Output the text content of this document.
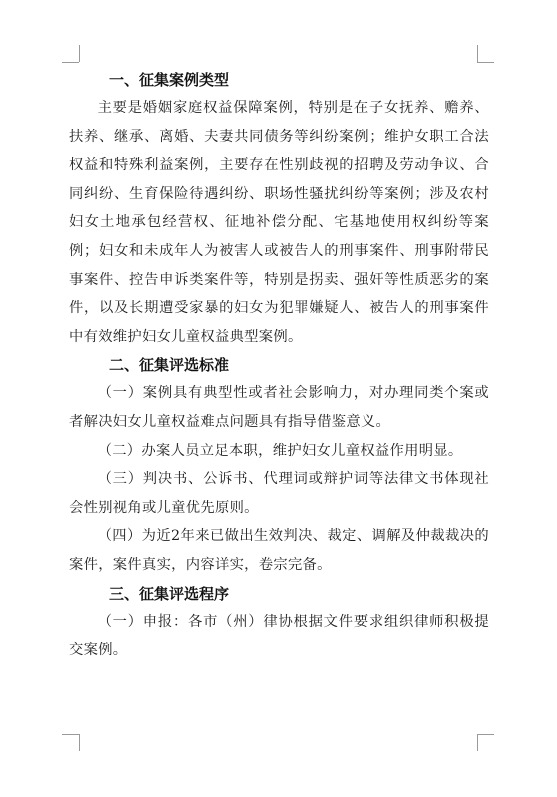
一、征集案例类型

主要是婚姻家庭权益保障案例，特别是在子女抚养、赡养、扶养、继承、离婚、夫妻共同债务等纠纷案例；维护女职工合法权益和特殊利益案例，主要存在性别歧视的招聘及劳动争议、合同纠纷、生育保险待遇纠纷、职场性骚扰纠纷等案例；涉及农村妇女土地承包经营权、征地补偿分配、宅基地使用权纠纷等案例；妇女和未成年人为被害人或被告人的刑事案件、刑事附带民事案件、控告申诉类案件等，特别是拐卖、强奸等性质恶劣的案件，以及长期遭受家暴的妇女为犯罪嫌疑人、被告人的刑事案件中有效维护妇女儿童权益典型案例。

二、征集评选标准

（一）案例具有典型性或者社会影响力，对办理同类个案或者解决妇女儿童权益难点问题具有指导借鉴意义。

（二）办案人员立足本职，维护妇女儿童权益作用明显。

（三）判决书、公诉书、代理词或辩护词等法律文书体现社会性别视角或儿童优先原则。

（四）为近2年来已做出生效判决、裁定、调解及仲裁裁决的案件，案件真实，内容详实，卷宗完备。

三、征集评选程序

（一）申报：各市（州）律协根据文件要求组织律师积极提交案例。
